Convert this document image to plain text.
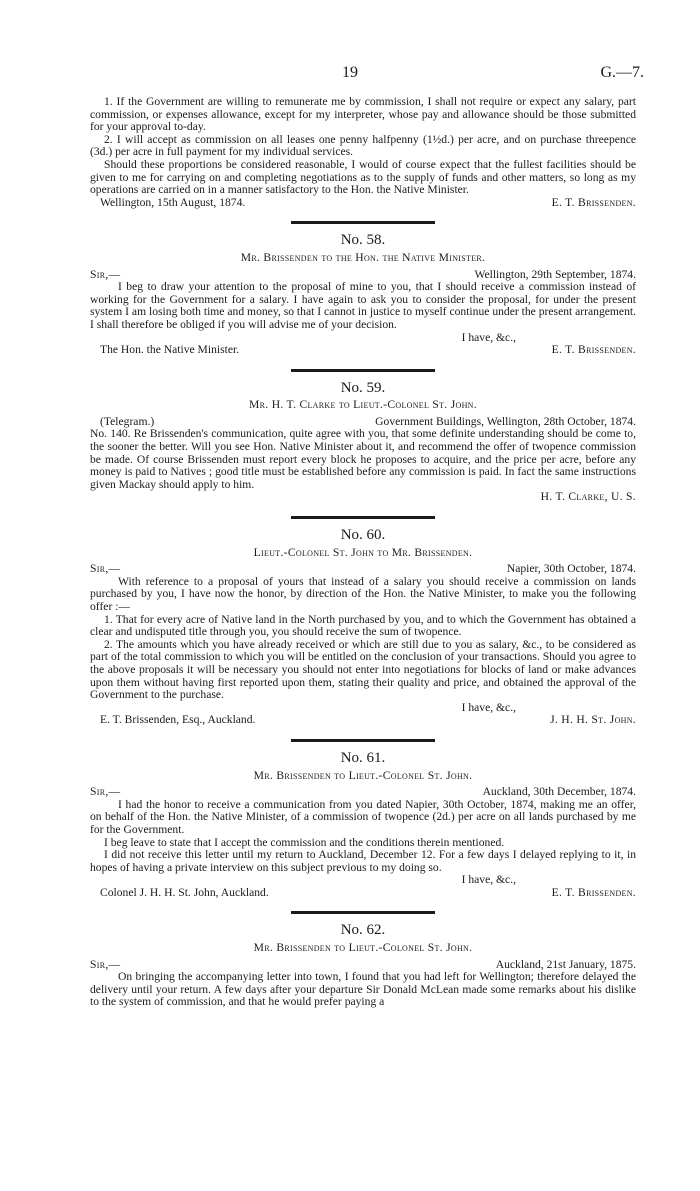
19	G.—7.

1. If the Government are willing to remunerate me by commission, I shall not require or expect any salary, part commission, or expenses allowance, except for my interpreter, whose pay and allowance should be those submitted for your approval to-day.

2. I will accept as commission on all leases one penny halfpenny (1½d.) per acre, and on purchase threepence (3d.) per acre in full payment for my individual services.

Should these proportions be considered reasonable, I would of course expect that the fullest facilities should be given to me for carrying on and completing negotiations as to the supply of funds and other matters, so long as my operations are carried on in a manner satisfactory to the Hon. the Native Minister.

Wellington, 15th August, 1874.	E. T. Brissenden.
No. 58.
Mr. Brissenden to the Hon. the Native Minister.
Sir,—	Wellington, 29th September, 1874.

I beg to draw your attention to the proposal of mine to you, that I should receive a commission instead of working for the Government for a salary. I have again to ask you to consider the proposal, for under the present system I am losing both time and money, so that I cannot in justice to myself continue under the present arrangement. I shall therefore be obliged if you will advise me of your decision.

I have, &c.,
The Hon. the Native Minister.	E. T. Brissenden.
No. 59.
Mr. H. T. Clarke to Lieut.-Colonel St. John.
(Telegram.)	Government Buildings, Wellington, 28th October, 1874.

No. 140. Re Brissenden's communication, quite agree with you, that some definite understanding should be come to, the sooner the better. Will you see Hon. Native Minister about it, and recommend the offer of twopence commission be made. Of course Brissenden must report every block he proposes to acquire, and the price per acre, before any money is paid to Natives ; good title must be established before any commission is paid. In fact the same instructions given Mackay should apply to him.

H. T. Clarke, U. S.
No. 60.
Lieut.-Colonel St. John to Mr. Brissenden.
Sir,—	Napier, 30th October, 1874.

With reference to a proposal of yours that instead of a salary you should receive a commission on lands purchased by you, I have now the honor, by direction of the Hon. the Native Minister, to make you the following offer :—

1. That for every acre of Native land in the North purchased by you, and to which the Government has obtained a clear and undisputed title through you, you should receive the sum of twopence.

2. The amounts which you have already received or which are still due to you as salary, &c., to be considered as part of the total commission to which you will be entitled on the conclusion of your transactions. Should you agree to the above proposals it will be necessary you should not enter into negotiations for blocks of land or make advances upon them without having first reported upon them, stating their quality and price, and obtained the approval of the Government to the purchase.

I have, &c.,
E. T. Brissenden, Esq., Auckland.	J. H. H. St. John.
No. 61.
Mr. Brissenden to Lieut.-Colonel St. John.
Sir,—	Auckland, 30th December, 1874.

I had the honor to receive a communication from you dated Napier, 30th October, 1874, making me an offer, on behalf of the Hon. the Native Minister, of a commission of twopence (2d.) per acre on all lands purchased by me for the Government.

I beg leave to state that I accept the commission and the conditions therein mentioned.

I did not receive this letter until my return to Auckland, December 12. For a few days I delayed replying to it, in hopes of having a private interview on this subject previous to my doing so.

I have, &c.,
Colonel J. H. H. St. John, Auckland.	E. T. Brissenden.
No. 62.
Mr. Brissenden to Lieut.-Colonel St. John.
Sir,—	Auckland, 21st January, 1875.

On bringing the accompanying letter into town, I found that you had left for Wellington; therefore delayed the delivery until your return. A few days after your departure Sir Donald McLean made some remarks about his dislike to the system of commission, and that he would prefer paying a
